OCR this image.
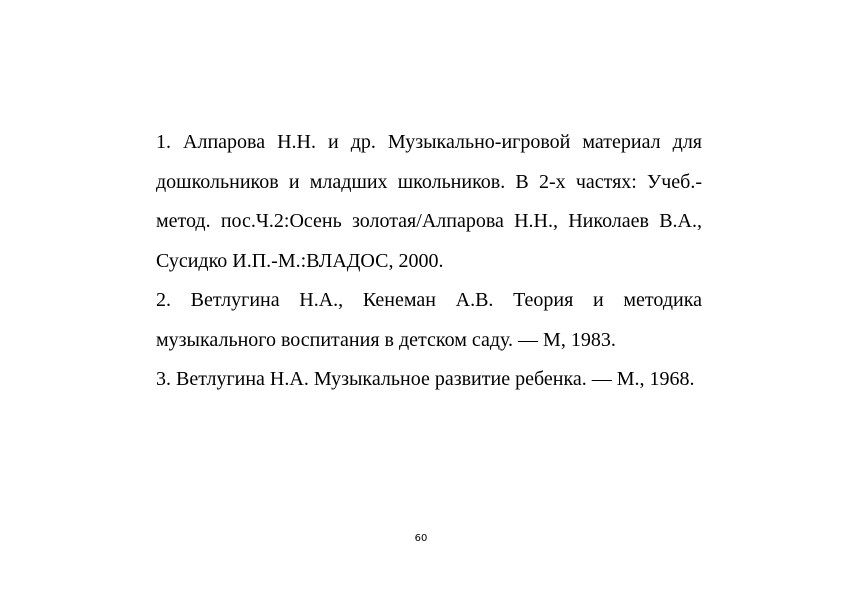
1. Алпарова Н.Н. и др. Музыкально-игровой материал для дошкольников и младших школьников. В 2-х частях: Учеб.-метод. пос.Ч.2:Осень золотая/Алпарова Н.Н., Николаев В.А., Сусидко И.П.-М.:ВЛАДОС, 2000.

2. Ветлугина Н.А., Кенеман А.В. Теория и методика музыкального воспитания в детском саду. — М, 1983.

3. Ветлугина Н.А. Музыкальное развитие ребенка. — М., 1968.

60
